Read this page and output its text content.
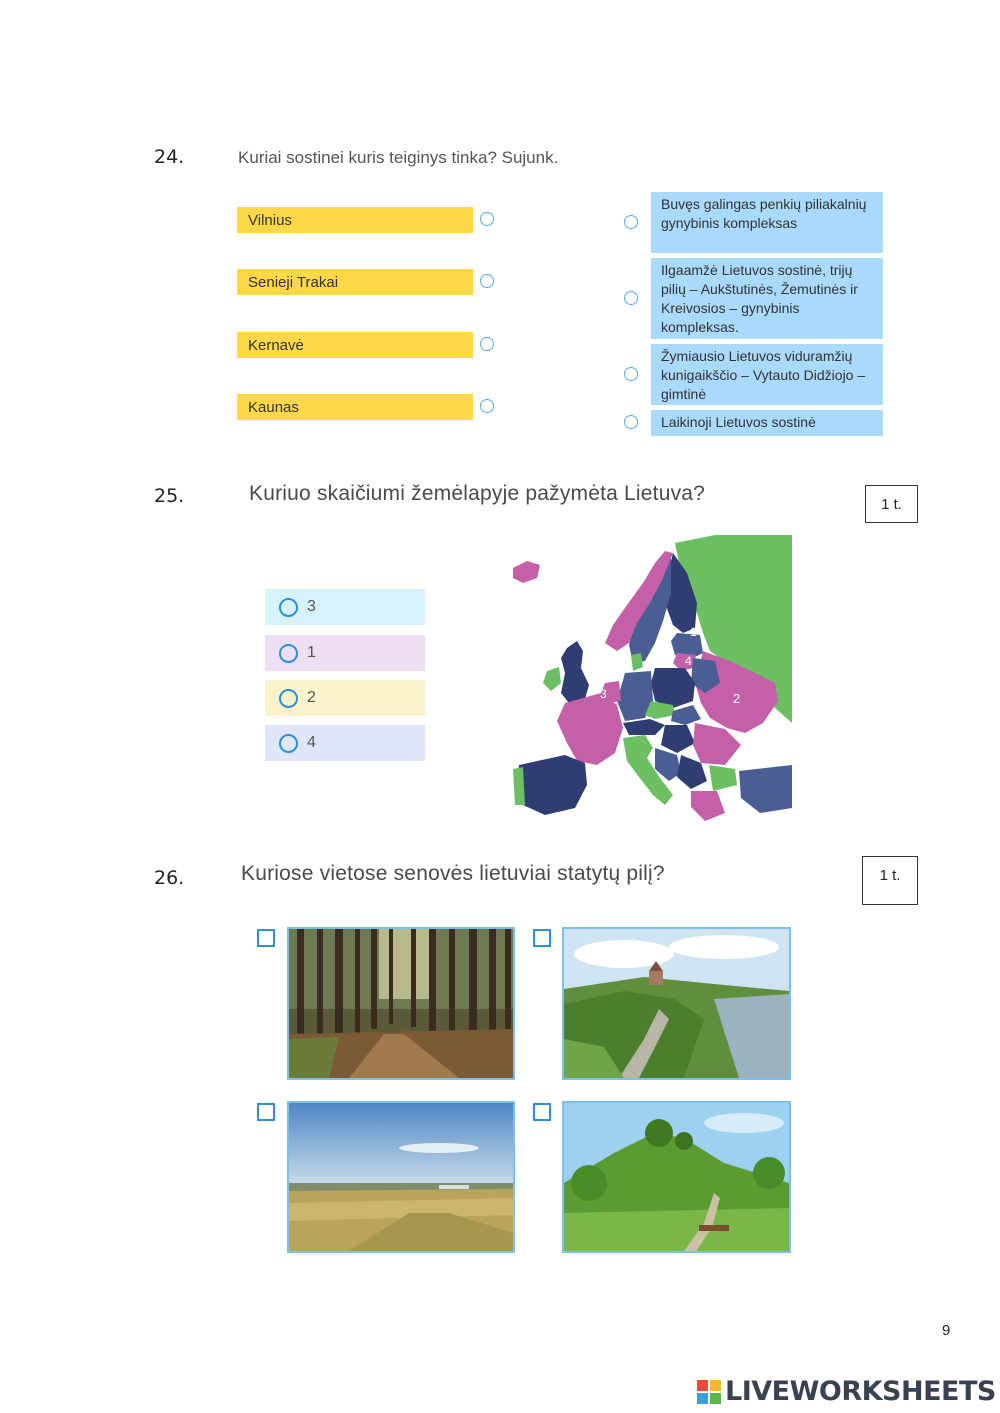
24.	Kuriai sostinei kuris teiginys tinka? Sujunk.
Vilnius
Senieji Trakai
Kernavė
Kaunas
Buvęs galingas penkių piliakalnių gynybinis kompleksas
Ilgaamžė Lietuvos sostinė, trijų pilių – Aukštutinės, Žemutinės ir Kreivosios – gynybinis kompleksas.
Žymiausio Lietuvos viduramžių kunigaikščio – Vytauto Didžiojo – gimtinė
Laikinoji Lietuvos sostinė
25.	Kuriuo skaičiumi žemėlapyje pažymėta Lietuva?	1 t.
3
1
2
4
1
4
2
3
26.	Kuriose vietose senovės lietuviai statytų pilį?	1 t.
9
LIVEWORKSHEETS
